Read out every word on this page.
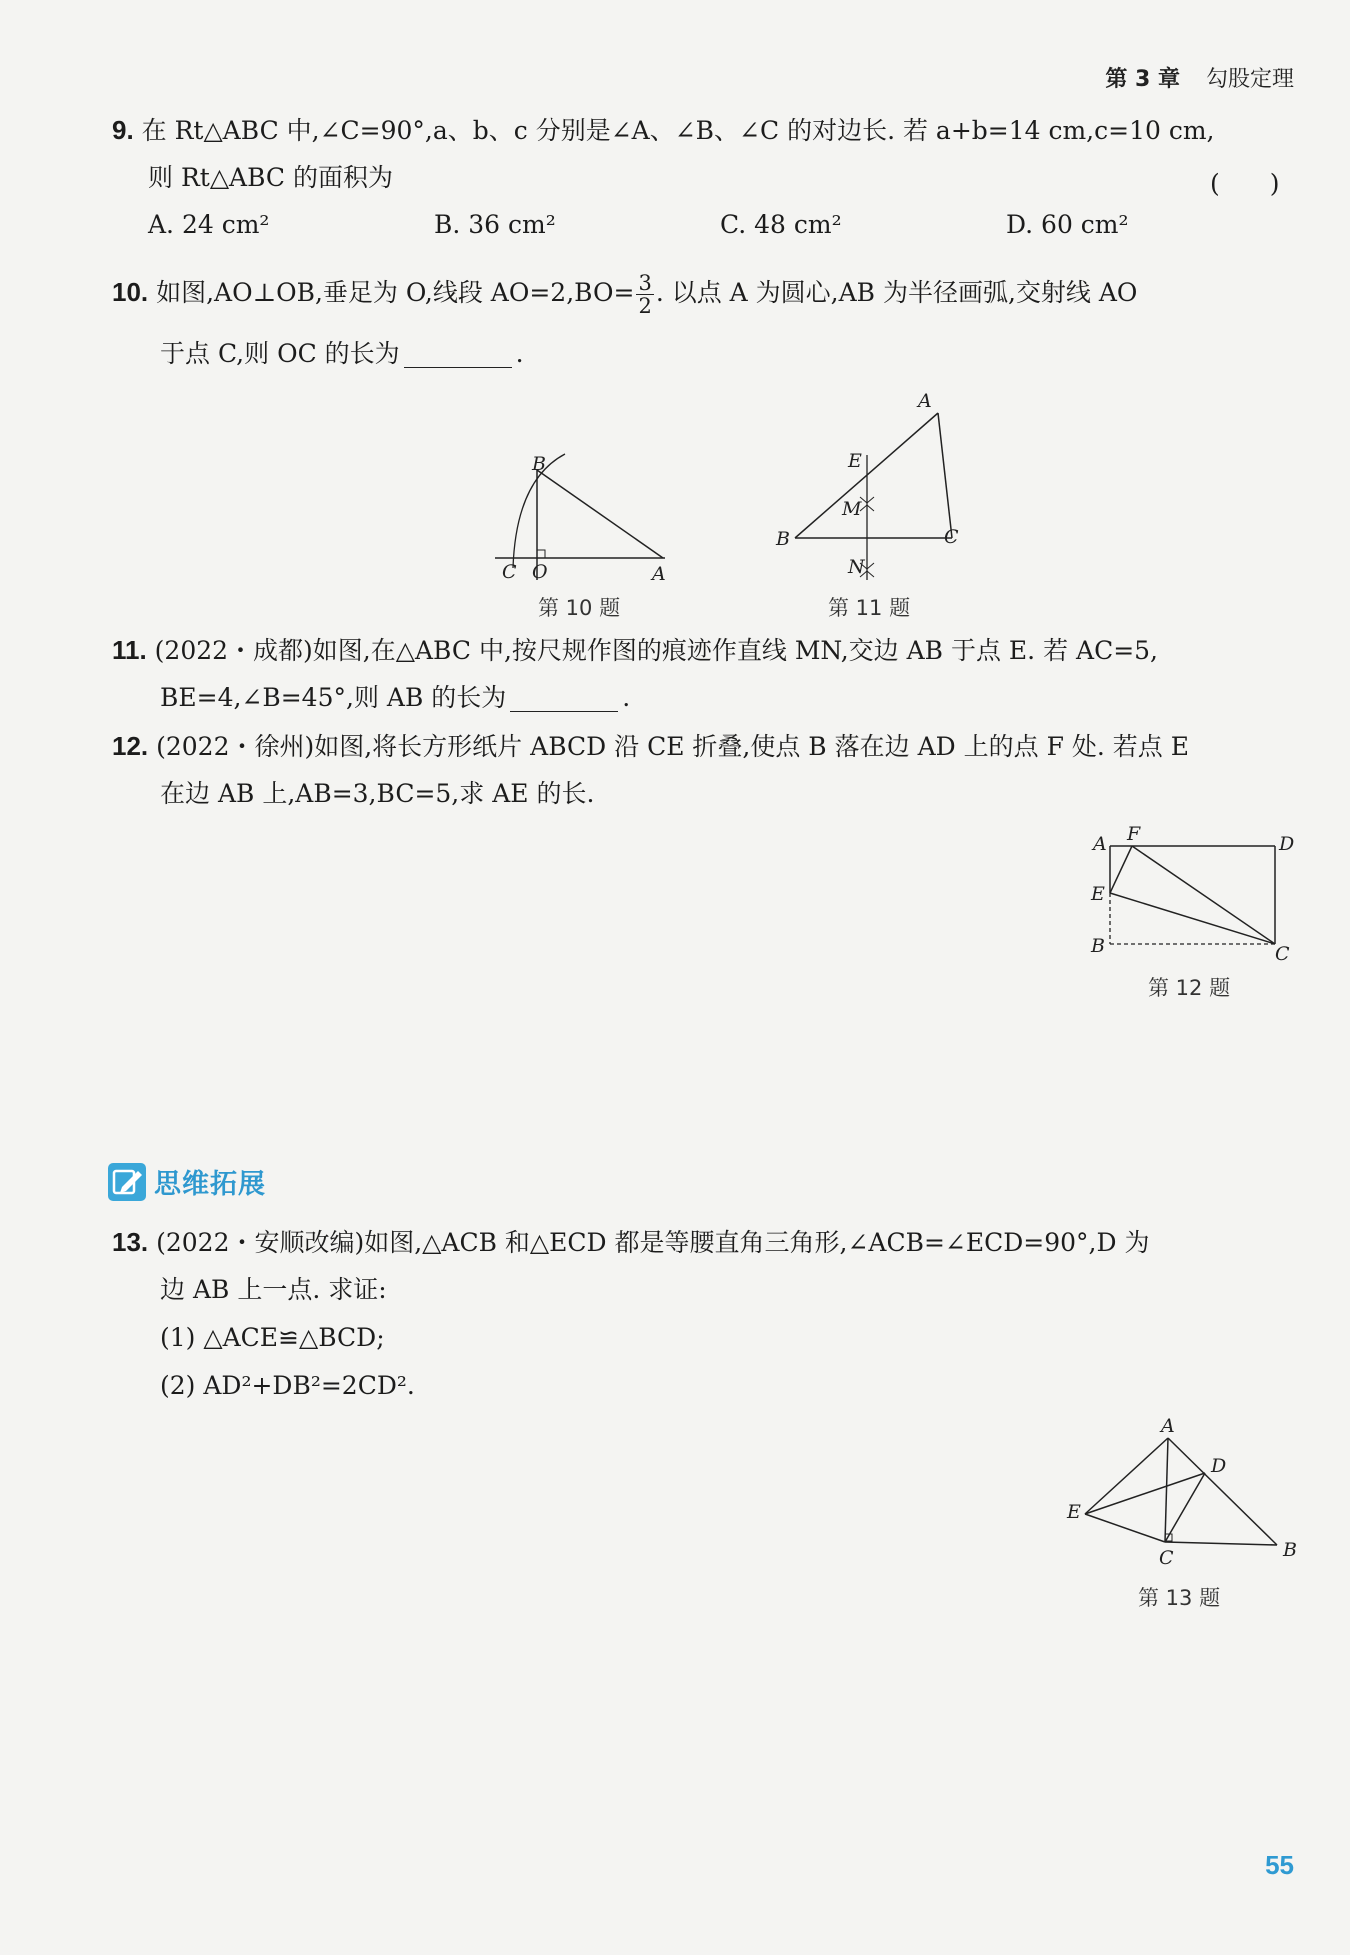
第 3 章 勾股定理
9. 在 Rt△ABC 中,∠C=90°,a、b、c 分别是∠A、∠B、∠C 的对边长. 若 a+b=14 cm,c=10 cm,
则 Rt△ABC 的面积为	(　　)
A. 24 cm²	B. 36 cm²	C. 48 cm²	D. 60 cm²
10. 如图,AO⊥OB,垂足为 O,线段 $AO=2,BO= \frac{3}{2}$ . 以点 A 为圆心,AB 为半径画弧,交射线 AO
于点 C,则 OC 的长为	.
B
C O	A
第 10 题
A
E
M
B	C
N
第 11 题
11. (2022・成都)如图,在△ABC 中,按尺规作图的痕迹作直线 MN,交边 AB 于点 E. 若 AC=5,
BE=4,∠B=45°,则 AB 的长为	.
12. (2022・徐州)如图,将长方形纸片 ABCD 沿 CE 折叠,使点 B 落在边 AD 上的点 F 处. 若点 E
在边 AB 上,AB=3,BC=5,求 AE 的长.
A F	D
E
B	C
第 12 题
思维拓展
13. (2022・安顺改编)如图,△ACB 和△ECD 都是等腰直角三角形,∠ACB=∠ECD=90°,D 为
边 AB 上一点. 求证:
(1) △ACE≌△BCD;
(2) AD²+DB²=2CD².
A
D
E
C	B
第 13 题
55
